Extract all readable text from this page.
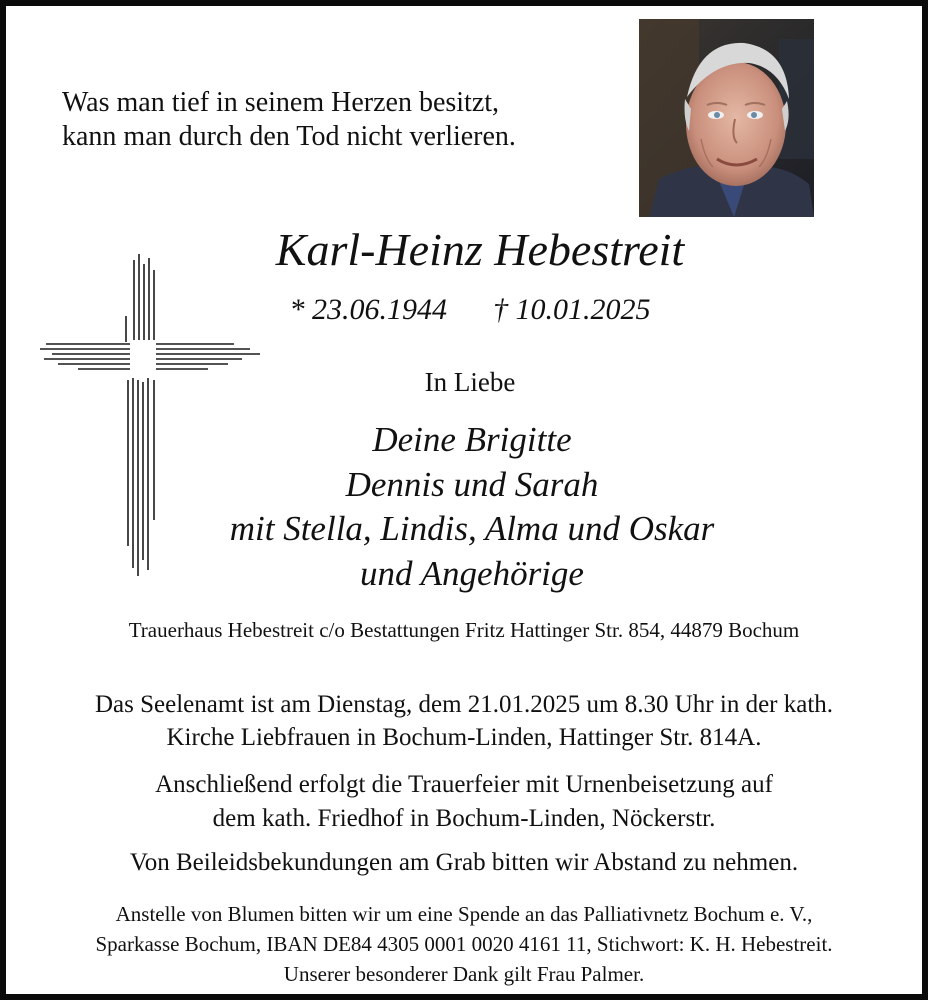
Was man tief in seinem Herzen besitzt,
kann man durch den Tod nicht verlieren.
Karl-Heinz Hebestreit
* 23.06.1944 † 10.01.2025
In Liebe
Deine Brigitte
Dennis und Sarah
mit Stella, Lindis, Alma und Oskar
und Angehörige
Trauerhaus Hebestreit c/o Bestattungen Fritz Hattinger Str. 854, 44879 Bochum
Das Seelenamt ist am Dienstag, dem 21.01.2025 um 8.30 Uhr in der kath.
Kirche Liebfrauen in Bochum-Linden, Hattinger Str. 814A.
Anschließend erfolgt die Trauerfeier mit Urnenbeisetzung auf
dem kath. Friedhof in Bochum-Linden, Nöckerstr.
Von Beileidsbekundungen am Grab bitten wir Abstand zu nehmen.
Anstelle von Blumen bitten wir um eine Spende an das Palliativnetz Bochum e. V.,
Sparkasse Bochum, IBAN DE84 4305 0001 0020 4161 11, Stichwort: K. H. Hebestreit.
Unserer besonderer Dank gilt Frau Palmer.
